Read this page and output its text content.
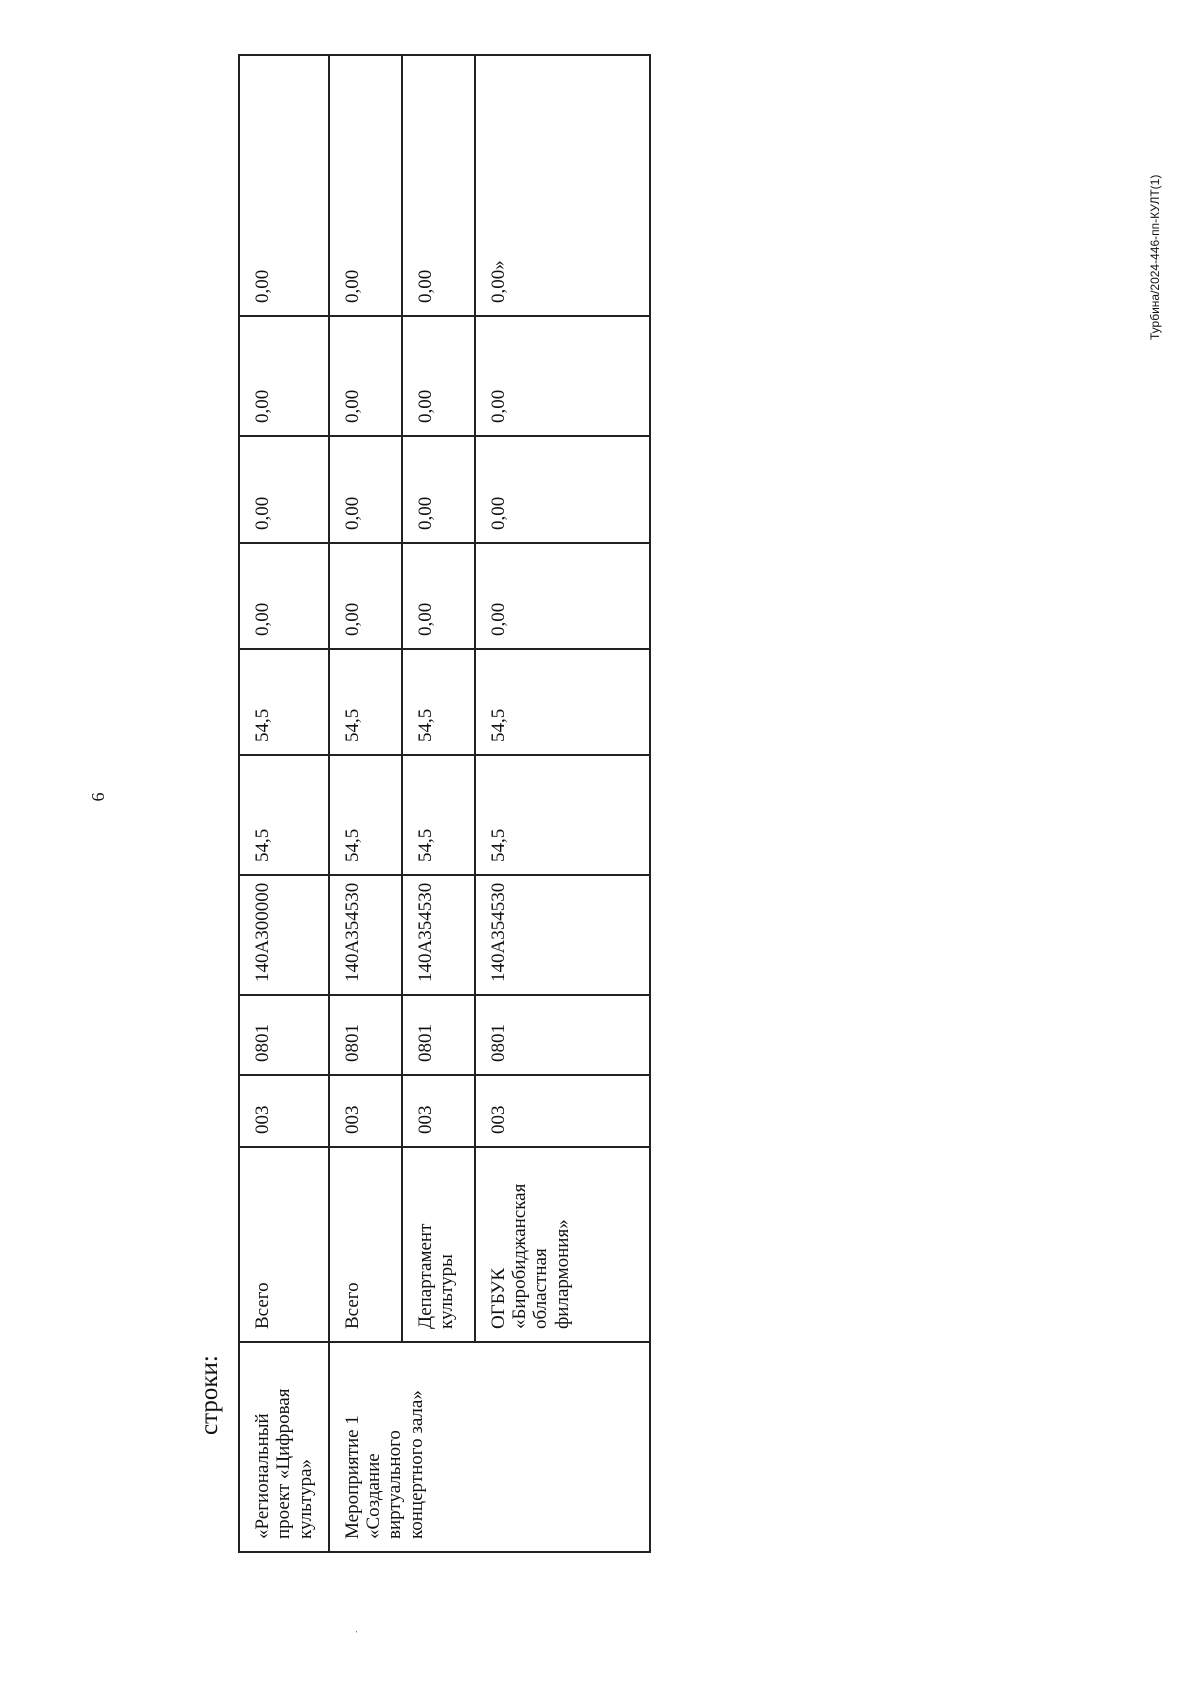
6
Турбина/2024-446-пп-КУЛТ(1)
строки:
ˈ
«Региональный проект «Цифровая культура»	Всего	003	0801	140А300000	54,5	54,5	0,00	0,00	0,00	0,00
Мероприятие 1 «Создание виртуального концертного зала»	Всего	003	0801	140А354530	54,5	54,5	0,00	0,00	0,00	0,00
	Департамент культуры	003	0801	140А354530	54,5	54,5	0,00	0,00	0,00	0,00
	ОГБУК «Биробиджанская областная филармония»	003	0801	140А354530	54,5	54,5	0,00	0,00	0,00	0,00»
